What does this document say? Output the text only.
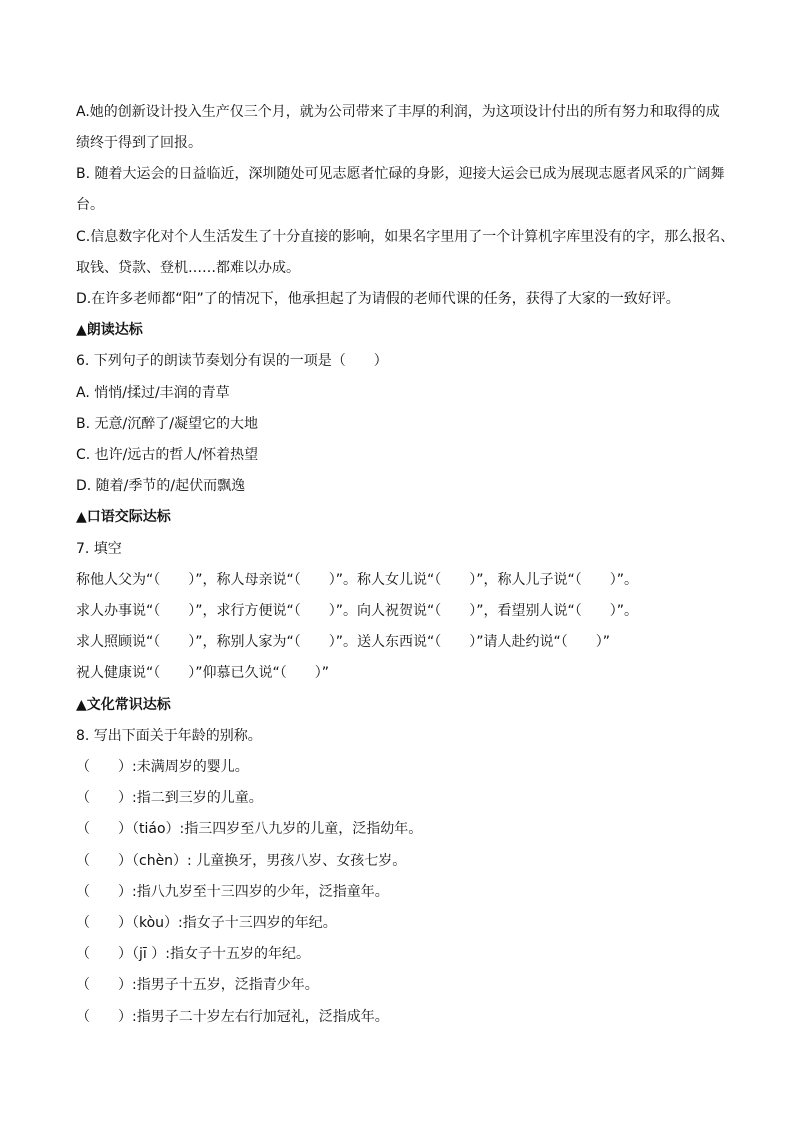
A.她的创新设计投入生产仅三个月，就为公司带来了丰厚的利润，为这项设计付出的所有努力和取得的成
绩终于得到了回报。
B. 随着大运会的日益临近，深圳随处可见志愿者忙碌的身影，迎接大运会已成为展现志愿者风采的广阔舞
台。
C.信息数字化对个人生活发生了十分直接的影响，如果名字里用了一个计算机字库里没有的字，那么报名、
取钱、贷款、登机……都难以办成。
D.在许多老师都“阳”了的情况下，他承担起了为请假的老师代课的任务，获得了大家的一致好评。
▲朗读达标
6. 下列句子的朗读节奏划分有误的一项是（　　）
A. 悄悄/揉过/丰润的青草
B. 无意/沉醉了/凝望它的大地
C. 也许/远古的哲人/怀着热望
D. 随着/季节的/起伏而飘逸
▲口语交际达标
7. 填空
称他人父为“（　　）”，称人母亲说“（　　）”。称人女儿说“（　　）”，称人儿子说“（　　）”。
求人办事说“（　　）”，求行方便说“（　　）”。向人祝贺说“（　　）”，看望别人说“（　　）”。
求人照顾说“（　　）”，称别人家为“（　　）”。送人东西说“（　　）”请人赴约说“（　　）”
祝人健康说“（　　）”仰慕已久说“（　　）”
▲文化常识达标
8. 写出下面关于年龄的别称。
（　　）:未满周岁的婴儿。
（　　）:指二到三岁的儿童。
（　　）（tiáo）:指三四岁至八九岁的儿童，泛指幼年。
（　　）（chèn）: 儿童换牙，男孩八岁、女孩七岁。
（　　）:指八九岁至十三四岁的少年，泛指童年。
（　　）（kòu）:指女子十三四岁的年纪。
（　　）（jī ）:指女子十五岁的年纪。
（　　）:指男子十五岁，泛指青少年。
（　　）:指男子二十岁左右行加冠礼，泛指成年。
